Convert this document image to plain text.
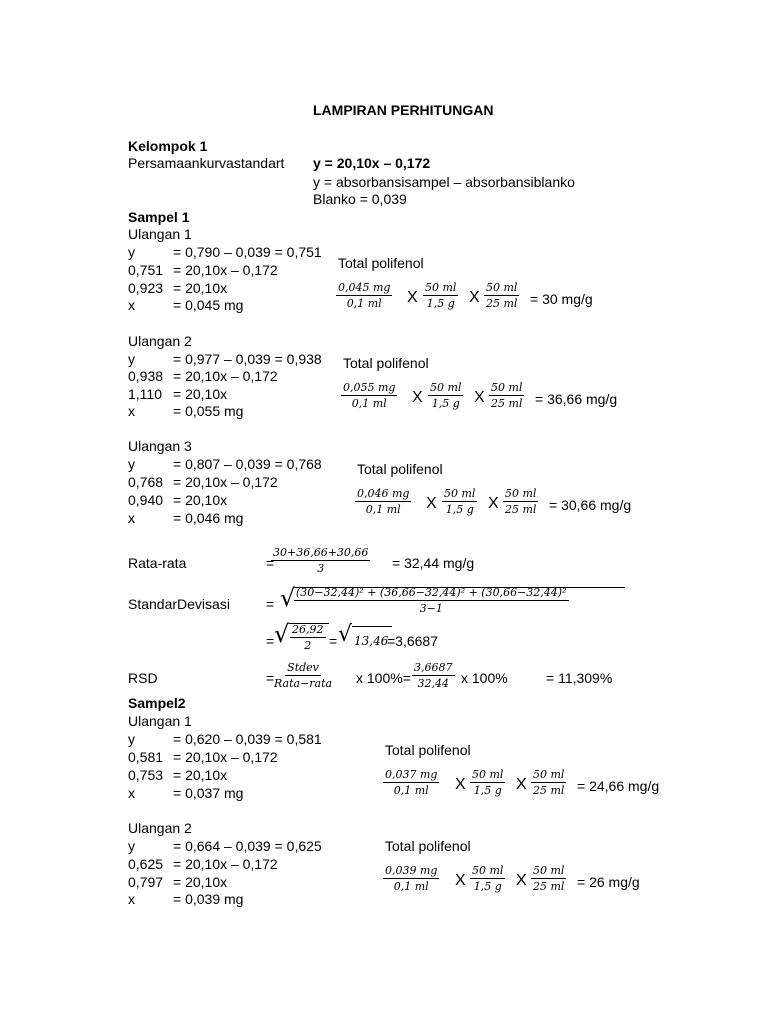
LAMPIRAN PERHITUNGAN
Kelompok 1
Persamaankurvastandart y = 20,10x – 0,172
y = absorbansisampel – absorbansiblanko
Blanko = 0,039
Sampel 1
Ulangan 1
y	= 0,790 – 0,039 = 0,751
0,751 = 20,10x – 0,172
0,923 = 20,10x
x	= 0,045 mg
Total polifenol
$\frac{0,045 mg}{0,1 ml}$ X $\frac{50 ml}{1,5 g}$ X $\frac{50 ml}{25 ml} = 30$ mg/g
Ulangan 2
y	= 0,977 – 0,039 = 0,938
0,938 = 20,10x – 0,172
1,110 = 20,10x
x	= 0,055 mg
Total polifenol
$\frac{0,055 mg}{0,1 ml}$ X $\frac{50 ml}{1,5 g}$ X $\frac{50 ml}{25 ml} = 36,66$ mg/g
Ulangan 3
y	= 0,807 – 0,039 = 0,768
0,768 = 20,10x – 0,172
0,940 = 20,10x
x	= 0,046 mg
Total polifenol
$\frac{0,046 mg}{0,1 ml}$ X $\frac{50 ml}{1,5 g}$ X $\frac{50 ml}{25 ml} = 30,66$ mg/g
Rata-rata	=
$\frac{30+36,66+30,66}{3} = 32,44$ mg/g
StandarDevisasi	= √
$\frac{\text{(30−32,44)² + (36,66−32,44)² + (30,66−32,44)²}}{3-1}$
= √ $\frac{26,92}{2}$ = √ 13,46
=3,6687
RSD	=
Stdev
Rata−rata x $100\%= \frac{3,6687}{32,44}$ x 100%	= 11,309%
Sampel2
Ulangan 1
y	= 0,620 – 0,039 = 0,581
0,581 = 20,10x – 0,172
0,753 = 20,10x
x	= 0,037 mg
Total polifenol
$\frac{0,037 mg}{0,1 ml}$ X $\frac{50 ml}{1,5 g}$ X $\frac{50 ml}{25 ml} = 24,66$ mg/g
Ulangan 2
y	= 0,664 – 0,039 = 0,625
0,625 = 20,10x – 0,172
0,797 = 20,10x
x	= 0,039 mg
Total polifenol
$\frac{0,039 mg}{0,1 ml}$ X $\frac{50 ml}{1,5 g}$ X $\frac{50 ml}{25 ml} = 26$ mg/g
